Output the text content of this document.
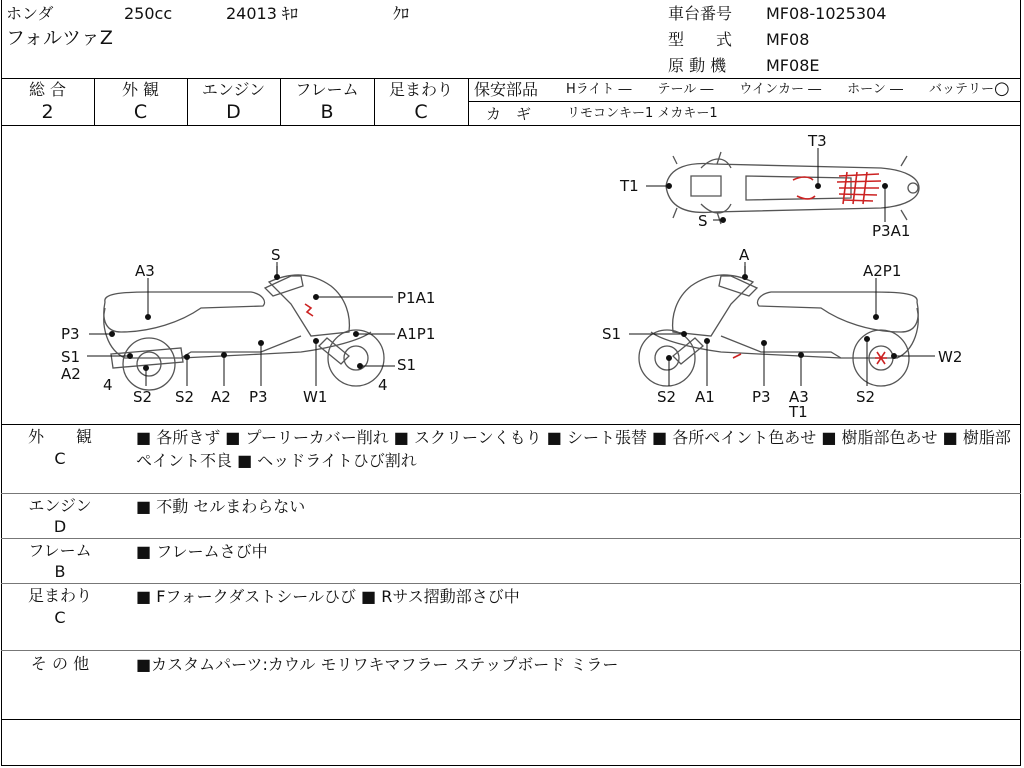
ホンダ	250cc	24013 ｷﾛ	ｸﾛ
フォルツァZ
車台番号 MF08-1025304
型　　式 MF08
原 動 機 MF08E
総 合	外 観	エンジン	フレーム	足まわり
2	C	D	B	C
保安部品 Hライト ―　　テール ―　　ウインカー ―　　ホーン ―　　バッテリー ○
カ　ギ	リモコンキー1 メカキー1
T3
T1
S
P3A1
S
A3
P1A1
P3	A1P1
S1
A2	S1
4	4
S2 S2 A2 P3 W1
A
A2P1
S1
W2
S2 A1 P3 A3
T1
S2
外　　観
C
■ 各所きず ■ プーリーカバー削れ ■ スクリーンくもり ■ シート張替 ■ 各所ペイント色あせ ■ 樹脂部色あせ ■ 樹脂部ペイント不良 ■ ヘッドライトひび割れ
エンジン
D
■ 不動 セルまわらない
フレーム
B
■ フレームさび中
足まわり
C
■ Fフォークダストシールひび ■ Rサス摺動部さび中
そ の 他	■カスタムパーツ:カウル モリワキマフラー ステップボード ミラー
